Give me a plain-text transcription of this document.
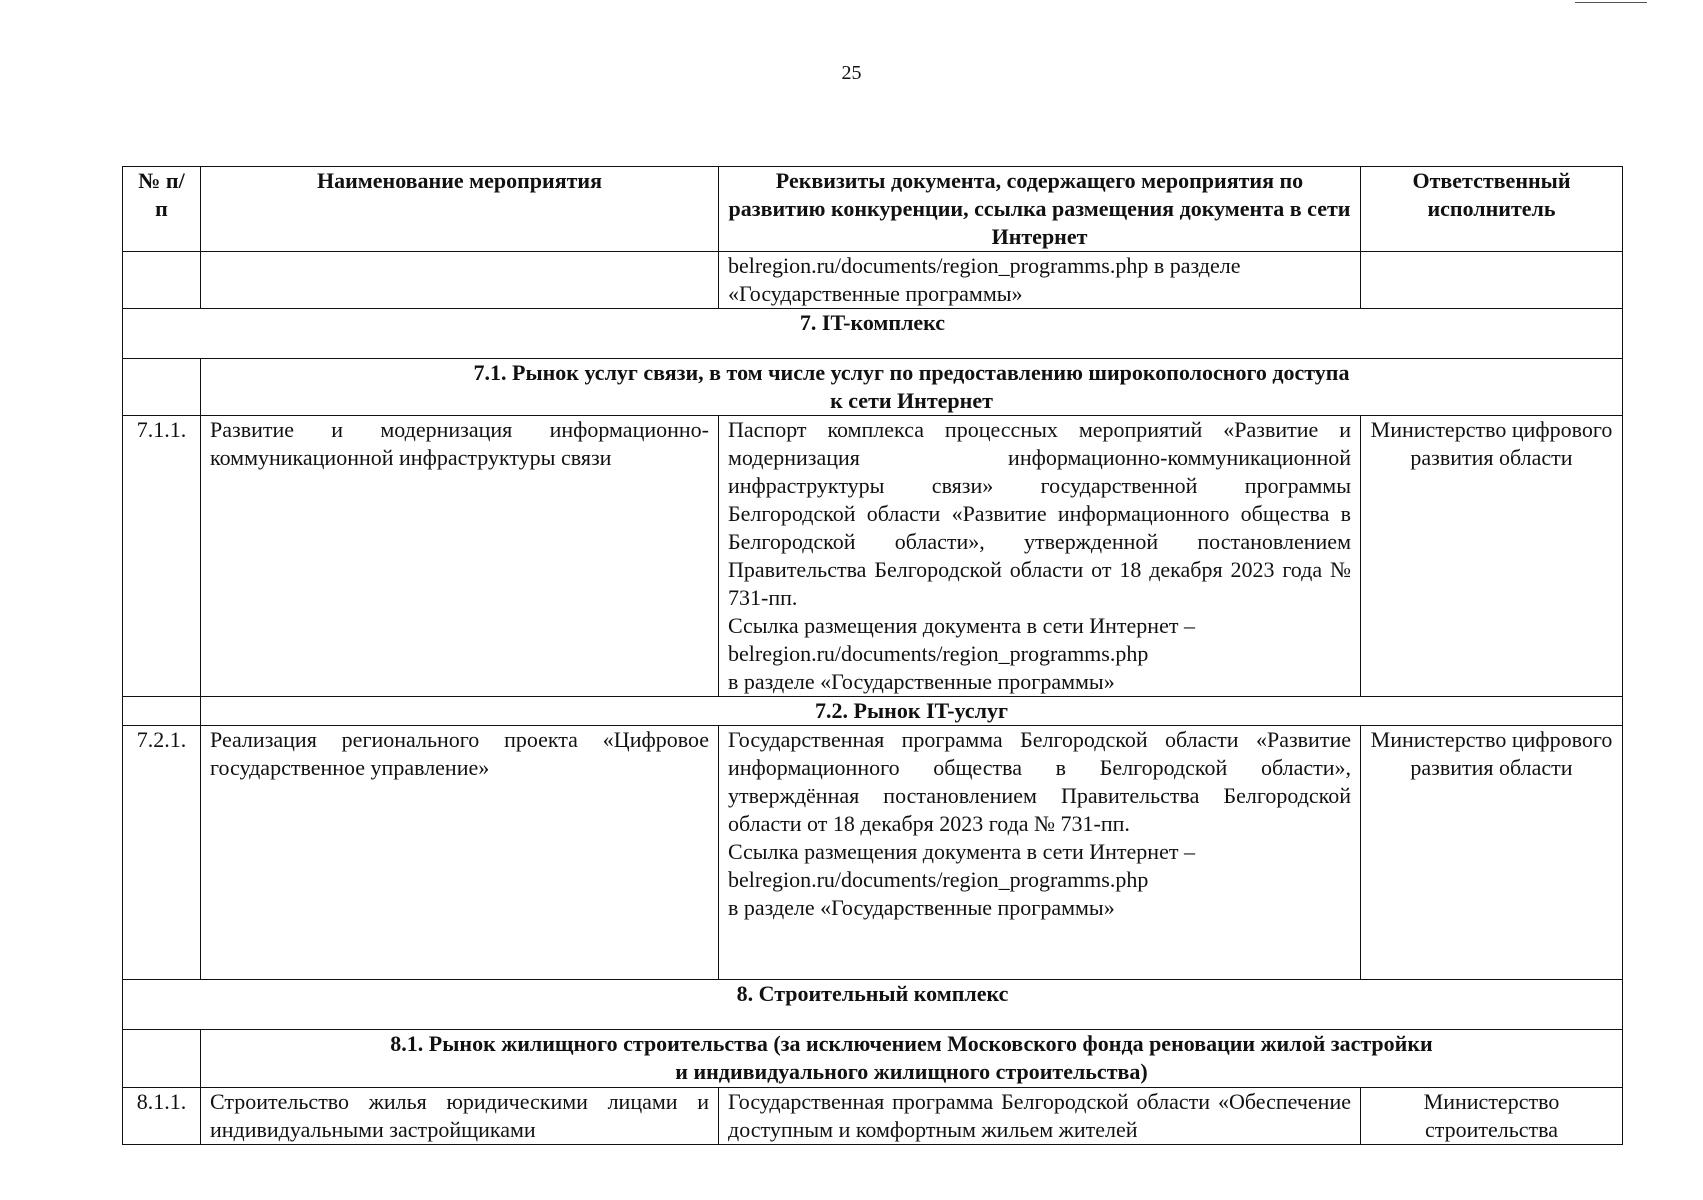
25
№ п/п	Наименование мероприятия	Реквизиты документа, содержащего мероприятия по развитию конкуренции, ссылка размещения документа в сети Интернет	Ответственный исполнитель
		belregion.ru/documents/region_programms.php в разделе «Государственные программы»	
7. IT-комплекс			

	7.1. Рынок услуг связи, в том числе услуг по предоставлению широкополосного доступа
к сети Интернет		

7.1.1.	Развитие и модернизация информационно-коммуникационной инфраструктуры связи	Паспорт комплекса процессных мероприятий «Развитие и модернизация информационно-коммуникационной инфраструктуры связи» государственной программы Белгородской области «Развитие информационного общества в Белгородской области», утвержденной постановлением Правительства Белгородской области от 18 декабря 2023 года № 731-пп.
Ссылка размещения документа в сети Интернет –
belregion.ru/documents/region_programms.php
в разделе «Государственные программы»	Министерство цифрового развития области
	7.2. Рынок IT-услуг		
7.2.1.	Реализация регионального проекта «Цифровое государственное управление»	Государственная программа Белгородской области «Развитие информационного общества в Белгородской области», утверждённая постановлением Правительства Белгородской области от 18 декабря 2023 года № 731-пп.
Ссылка размещения документа в сети Интернет –
belregion.ru/documents/region_programms.php
в разделе «Государственные программы»	Министерство цифрового развития области
8. Строительный комплекс			

	8.1. Рынок жилищного строительства (за исключением Московского фонда реновации жилой застройки
и индивидуального жилищного строительства)		

8.1.1.	Строительство жилья юридическими лицами и индивидуальными застройщиками	Государственная программа Белгородской области «Обеспечение доступным и комфортным жильем жителей	Министерство строительства
